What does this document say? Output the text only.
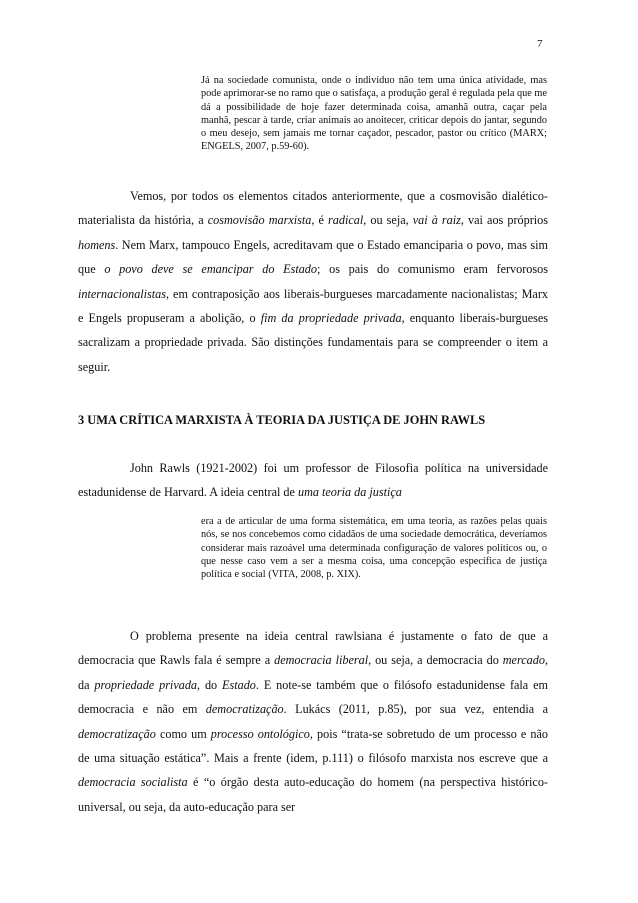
7
Já na sociedade comunista, onde o indivíduo não tem uma única atividade, mas pode aprimorar-se no ramo que o satisfaça, a produção geral é regulada pela que me dá a possibilidade de hoje fazer determinada coisa, amanhã outra, caçar pela manhã, pescar à tarde, criar animais ao anoitecer, criticar depois do jantar, segundo o meu desejo, sem jamais me tornar caçador, pescador, pastor ou crítico (MARX; ENGELS, 2007, p.59-60).

Vemos, por todos os elementos citados anteriormente, que a cosmovisão dialético-materialista da história, a cosmovisão marxista, é radical, ou seja, vai à raiz, vai aos próprios homens. Nem Marx, tampouco Engels, acreditavam que o Estado emanciparia o povo, mas sim que o povo deve se emancipar do Estado; os pais do comunismo eram fervorosos internacionalistas, em contraposição aos liberais-burgueses marcadamente nacionalistas; Marx e Engels propuseram a abolição, o fim da propriedade privada, enquanto liberais-burgueses sacralizam a propriedade privada. São distinções fundamentais para se compreender o item a seguir.

3 UMA CRÍTICA MARXISTA À TEORIA DA JUSTIÇA DE JOHN RAWLS

John Rawls (1921-2002) foi um professor de Filosofia política na universidade estadunidense de Harvard. A ideia central de uma teoria da justiça

era a de articular de uma forma sistemática, em uma teoria, as razões pelas quais nós, se nos concebemos como cidadãos de uma sociedade democrática, deveríamos considerar mais razoável uma determinada configuração de valores políticos ou, o que nesse caso vem a ser a mesma coisa, uma concepção específica de justiça política e social (VITA, 2008, p. XIX).

O problema presente na ideia central rawlsiana é justamente o fato de que a democracia que Rawls fala é sempre a democracia liberal, ou seja, a democracia do mercado, da propriedade privada, do Estado. E note-se também que o filósofo estadunidense fala em democracia e não em democratização. Lukács (2011, p.85), por sua vez, entendia a democratização como um processo ontológico, pois “trata-se sobretudo de um processo e não de uma situação estática”. Mais a frente (idem, p.111) o filósofo marxista nos escreve que a democracia socialista é “o órgão desta auto-educação do homem (na perspectiva histórico-universal, ou seja, da auto-educação para ser
